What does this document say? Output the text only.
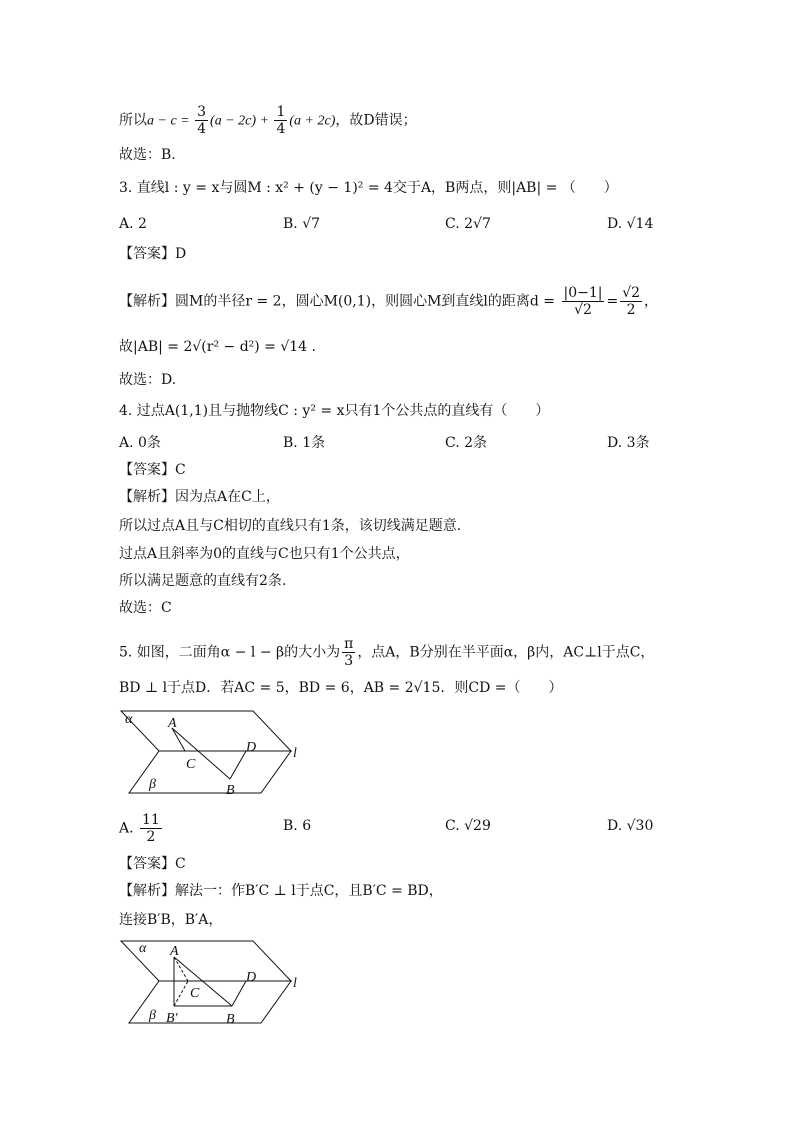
所以$a - c = \frac{3}{4} (a - 2c) + \frac{1}{4} (a + 2c)$，故D错误；
故选：B.
3. 直线l : y = x与圆M : x² + (y − 1)² = 4交于A，B两点，则|AB| = （　　）
A. 2	B. √7	C. 2√7	D. √14
【答案】D
【解析】圆M的半径r = 2，圆心M(0,1)，则圆心M到直线l的距离$d = \frac{|0-1|}{√2} = \frac{√2}{2}$ ，
故|AB| = 2√(r² − d²) = √14 .
故选：D.
4. 过点A(1,1)且与抛物线C : y² = x只有1个公共点的直线有（　　）
A. 0条	B. 1条	C. 2条	D. 3条
【答案】C
【解析】因为点A在C上，
所以过点A且与C相切的直线只有1条，该切线满足题意.
过点A且斜率为0的直线与C也只有1个公共点，
所以满足题意的直线有2条.
故选：C
5. 如图，二面角α − l − β的大小为 $\frac{\pi}{3}$ ，点A，B分别在半平面α，β内，AC⊥l于点C，
BD ⊥ l于点D．若AC = 5，BD = 6，AB = 2√15．则CD =（　　）
α	A
D	l
C
β	B
A. $\frac{11}{2}$	B. 6	C. √29	D. √30
【答案】C
【解析】解法一：作B′C ⊥ l于点C，且B′C = BD，
连接B′B，B′A，
α A
D	l
C
β B′	B
